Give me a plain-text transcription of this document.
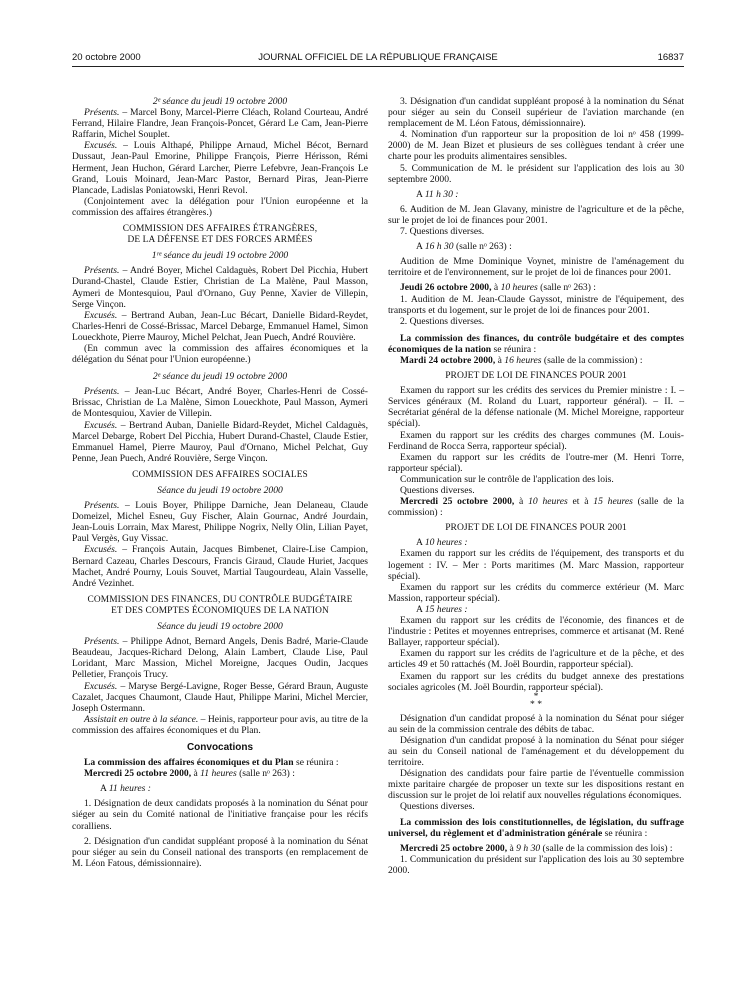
20 octobre 2000	JOURNAL OFFICIEL DE LA RÉPUBLIQUE FRANÇAISE	16837

2ᵉ séance du jeudi 19 octobre 2000

Présents. – Marcel Bony, Marcel-Pierre Cléach, Roland Courteau, André Ferrand, Hilaire Flandre, Jean François-Poncet, Gérard Le Cam, Jean-Pierre Raffarin, Michel Souplet.

Excusés. – Louis Althapé, Philippe Arnaud, Michel Bécot, Bernard Dussaut, Jean-Paul Emorine, Philippe François, Pierre Hérisson, Rémi Herment, Jean Huchon, Gérard Larcher, Pierre Lefebvre, Jean-François Le Grand, Louis Moinard, Jean-Marc Pastor, Bernard Piras, Jean-Pierre Plancade, Ladislas Poniatowski, Henri Revol.

(Conjointement avec la délégation pour l'Union européenne et la commission des affaires étrangères.)

COMMISSION DES AFFAIRES ÉTRANGÈRES,

DE LA DÉFENSE ET DES FORCES ARMÉES

1ʳᵉ séance du jeudi 19 octobre 2000

Présents. – André Boyer, Michel Caldaguès, Robert Del Picchia, Hubert Durand-Chastel, Claude Estier, Christian de La Malène, Paul Masson, Aymeri de Montesquiou, Paul d'Ornano, Guy Penne, Xavier de Villepin, Serge Vinçon.

Excusés. – Bertrand Auban, Jean-Luc Bécart, Danielle Bidard-Reydet, Charles-Henri de Cossé-Brissac, Marcel Debarge, Emmanuel Hamel, Simon Loueckhote, Pierre Mauroy, Michel Pelchat, Jean Puech, André Rouvière.

(En commun avec la commission des affaires économiques et la délégation du Sénat pour l'Union européenne.)

2ᵉ séance du jeudi 19 octobre 2000

Présents. – Jean-Luc Bécart, André Boyer, Charles-Henri de Cossé-Brissac, Christian de La Malène, Simon Loueckhote, Paul Masson, Aymeri de Montesquiou, Xavier de Villepin.

Excusés. – Bertrand Auban, Danielle Bidard-Reydet, Michel Caldaguès, Marcel Debarge, Robert Del Picchia, Hubert Durand-Chastel, Claude Estier, Emmanuel Hamel, Pierre Mauroy, Paul d'Ornano, Michel Pelchat, Guy Penne, Jean Puech, André Rouvière, Serge Vinçon.

COMMISSION DES AFFAIRES SOCIALES

Séance du jeudi 19 octobre 2000

Présents. – Louis Boyer, Philippe Darniche, Jean Delaneau, Claude Domeizel, Michel Esneu, Guy Fischer, Alain Gournac, André Jourdain, Jean-Louis Lorrain, Max Marest, Philippe Nogrix, Nelly Olin, Lilian Payet, Paul Vergès, Guy Vissac.

Excusés. – François Autain, Jacques Bimbenet, Claire-Lise Campion, Bernard Cazeau, Charles Descours, Francis Giraud, Claude Huriet, Jacques Machet, André Pourny, Louis Souvet, Martial Taugourdeau, Alain Vasselle, André Vezinhet.

COMMISSION DES FINANCES, DU CONTRÔLE BUDGÉTAIRE

ET DES COMPTES ÉCONOMIQUES DE LA NATION

Séance du jeudi 19 octobre 2000

Présents. – Philippe Adnot, Bernard Angels, Denis Badré, Marie-Claude Beaudeau, Jacques-Richard Delong, Alain Lambert, Claude Lise, Paul Loridant, Marc Massion, Michel Moreigne, Jacques Oudin, Jacques Pelletier, François Trucy.

Excusés. – Maryse Bergé-Lavigne, Roger Besse, Gérard Braun, Auguste Cazalet, Jacques Chaumont, Claude Haut, Philippe Marini, Michel Mercier, Joseph Ostermann.

Assistait en outre à la séance. – Heinis, rapporteur pour avis, au titre de la commission des affaires économiques et du Plan.

Convocations

La commission des affaires économiques et du Plan se réunira :

Mercredi 25 octobre 2000, à 11 heures (salle nᵒ 263) :

A 11 heures :

1. Désignation de deux candidats proposés à la nomination du Sénat pour siéger au sein du Comité national de l'initiative française pour les récifs coralliens.

2. Désignation d'un candidat suppléant proposé à la nomination du Sénat pour siéger au sein du Conseil national des transports (en remplacement de M. Léon Fatous, démissionnaire).

3. Désignation d'un candidat suppléant proposé à la nomination du Sénat pour siéger au sein du Conseil supérieur de l'aviation marchande (en remplacement de M. Léon Fatous, démissionnaire).

4. Nomination d'un rapporteur sur la proposition de loi nᵒ 458 (1999-2000) de M. Jean Bizet et plusieurs de ses collègues tendant à créer une charte pour les produits alimentaires sensibles.

5. Communication de M. le président sur l'application des lois au 30 septembre 2000.

A 11 h 30 :

6. Audition de M. Jean Glavany, ministre de l'agriculture et de la pêche, sur le projet de loi de finances pour 2001.

7. Questions diverses.

A 16 h 30 (salle nᵒ 263) :

Audition de Mme Dominique Voynet, ministre de l'aménagement du territoire et de l'environnement, sur le projet de loi de finances pour 2001.

Jeudi 26 octobre 2000, à 10 heures (salle nᵒ 263) :

1. Audition de M. Jean-Claude Gayssot, ministre de l'équipement, des transports et du logement, sur le projet de loi de finances pour 2001.

2. Questions diverses.

La commission des finances, du contrôle budgétaire et des comptes économiques de la nation se réunira :

Mardi 24 octobre 2000, à 16 heures (salle de la commission) :

PROJET DE LOI DE FINANCES POUR 2001

Examen du rapport sur les crédits des services du Premier ministre : I. – Services généraux (M. Roland du Luart, rapporteur général). – II. – Secrétariat général de la défense nationale (M. Michel Moreigne, rapporteur spécial).

Examen du rapport sur les crédits des charges communes (M. Louis-Ferdinand de Rocca Serra, rapporteur spécial).

Examen du rapport sur les crédits de l'outre-mer (M. Henri Torre, rapporteur spécial).

Communication sur le contrôle de l'application des lois.

Questions diverses.

Mercredi 25 octobre 2000, à 10 heures et à 15 heures (salle de la commission) :

PROJET DE LOI DE FINANCES POUR 2001

A 10 heures :

Examen du rapport sur les crédits de l'équipement, des transports et du logement : IV. – Mer : Ports maritimes (M. Marc Massion, rapporteur spécial).

Examen du rapport sur les crédits du commerce extérieur (M. Marc Massion, rapporteur spécial).

A 15 heures :

Examen du rapport sur les crédits de l'économie, des finances et de l'industrie : Petites et moyennes entreprises, commerce et artisanat (M. René Ballayer, rapporteur spécial).

Examen du rapport sur les crédits de l'agriculture et de la pêche, et des articles 49 et 50 rattachés (M. Joël Bourdin, rapporteur spécial).

Examen du rapport sur les crédits du budget annexe des prestations sociales agricoles (M. Joël Bourdin, rapporteur spécial).

*

* *

Désignation d'un candidat proposé à la nomination du Sénat pour siéger au sein de la commission centrale des débits de tabac.

Désignation d'un candidat proposé à la nomination du Sénat pour siéger au sein du Conseil national de l'aménagement et du développement du territoire.

Désignation des candidats pour faire partie de l'éventuelle commission mixte paritaire chargée de proposer un texte sur les dispositions restant en discussion sur le projet de loi relatif aux nouvelles régulations économiques.

Questions diverses.

La commission des lois constitutionnelles, de législation, du suffrage universel, du règlement et d'administration générale se réunira :

Mercredi 25 octobre 2000, à 9 h 30 (salle de la commission des lois) :

1. Communication du président sur l'application des lois au 30 septembre 2000.
